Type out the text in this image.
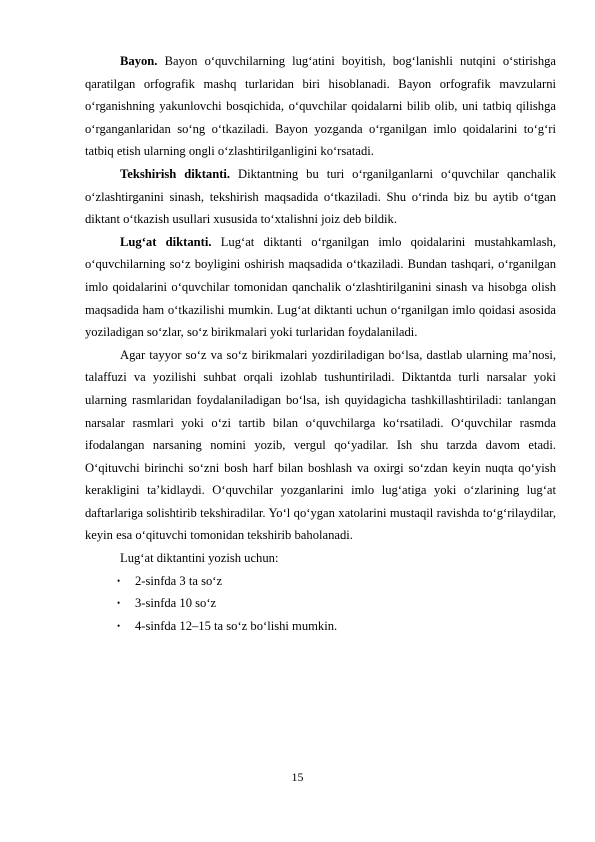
Bayon. Bayon o‘quvchilarning lug‘atini boyitish, bog‘lanishli nutqini o‘stirishga qaratilgan orfografik mashq turlaridan biri hisoblanadi. Bayon orfografik mavzularni o‘rganishning yakunlovchi bosqichida, o‘quvchilar qoidalarni bilib olib, uni tatbiq qilishga o‘rganganlaridan so‘ng o‘tkaziladi. Bayon yozganda o‘rganilgan imlo qoidalarini to‘g‘ri tatbiq etish ularning ongli o‘zlashtirilganligini ko‘rsatadi.

Tekshirish diktanti. Diktantning bu turi o‘rganilganlarni o‘quvchilar qanchalik o‘zlashtirganini sinash, tekshirish maqsadida o‘tkaziladi. Shu o‘rinda biz bu aytib o‘tgan diktant o‘tkazish usullari xususida to‘xtalishni joiz deb bildik.

Lug‘at diktanti. Lug‘at diktanti o‘rganilgan imlo qoidalarini mustahkamlash, o‘quvchilarning so‘z boyligini oshirish maqsadida o‘tkaziladi. Bundan tashqari, o‘rganilgan imlo qoidalarini o‘quvchilar tomonidan qanchalik o‘zlashtirilganini sinash va hisobga olish maqsadida ham o‘tkazilishi mumkin. Lug‘at diktanti uchun o‘rganilgan imlo qoidasi asosida yoziladigan so‘zlar, so‘z birikmalari yoki turlaridan foydalaniladi.

Agar tayyor so‘z va so‘z birikmalari yozdiriladigan bo‘lsa, dastlab ularning ma’nosi, talaffuzi va yozilishi suhbat orqali izohlab tushuntiriladi. Diktantda turli narsalar yoki ularning rasmlaridan foydalaniladigan bo‘lsa, ish quyidagicha tashkillashtiriladi: tanlangan narsalar rasmlari yoki o‘zi tartib bilan o‘quvchilarga ko‘rsatiladi. O‘quvchilar rasmda ifodalangan narsaning nomini yozib, vergul qo‘yadilar. Ish shu tarzda davom etadi. O‘qituvchi birinchi so‘zni bosh harf bilan boshlash va oxirgi so‘zdan keyin nuqta qo‘yish kerakligini ta’kidlaydi. O‘quvchilar yozganlarini imlo lug‘atiga yoki o‘zlarining lug‘at daftarlariga solishtirib tekshiradilar. Yo‘l qo‘ygan xatolarini mustaqil ravishda to‘g‘rilaydilar, keyin esa o‘qituvchi tomonidan tekshirib baholanadi.

Lug‘at diktantini yozish uchun:

• 2-sinfda 3 ta so‘z
• 3-sinfda 10 so‘z
• 4-sinfda 12–15 ta so‘z bo‘lishi mumkin.
15
